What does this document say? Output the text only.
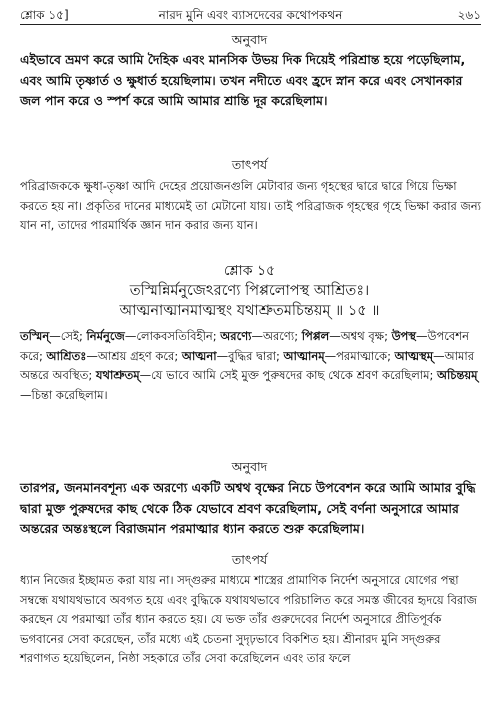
শ্লোক ১৫]	নারদ মুনি এবং ব্যাসদেবের কথোপকথন	২৬১
অনুবাদ
এইভাবে ভ্রমণ করে আমি দৈহিক এবং মানসিক উভয় দিক দিয়েই পরিশ্রান্ত হয়ে পড়েছিলাম, এবং আমি তৃষ্ণার্ত ও ক্ষুধার্ত হয়েছিলাম। তখন নদীতে এবং হ্রদে স্নান করে এবং সেখানকার জল পান করে ও স্পর্শ করে আমি আমার শ্রান্তি দূর করেছিলাম।
তাৎপর্য
পরিব্রাজককে ক্ষুধা-তৃষ্ণা আদি দেহের প্রয়োজনগুলি মেটাবার জন্য গৃহস্থের দ্বারে দ্বারে গিয়ে ভিক্ষা করতে হয় না। প্রকৃতির দানের মাধ্যমেই তা মেটানো যায়। তাই পরিব্রাজক গৃহস্থের গৃহে ভিক্ষা করার জন্য যান না, তাদের পারমার্থিক জ্ঞান দান করার জন্য যান।
শ্লোক ১৫
তস্মিন্নির্মনুজেঽরণ্যে পিপ্পলোপস্থ আশ্রিতঃ।
আত্মনাত্মানমাত্মস্থং যথাশ্রুতমচিন্তয়ম্ ॥ ১৫ ॥
তস্মিন্—সেই; নির্মনুজে—লোকবসতিবিহীন; অরণ্যে—অরণ্যে; পিপ্পল—অশ্বথ বৃক্ষ; উপস্থ—উপবেশন করে; আশ্রিতঃ—আশ্রয় গ্রহণ করে; আত্মনা—বুদ্ধির দ্বারা; আত্মানম্—পরমাত্মাকে; আত্মস্থম্—আমার অন্তরে অবস্থিত; যথাশ্রুতম্—যে ভাবে আমি সেই মুক্ত পুরুষদের কাছ থেকে শ্রবণ করেছিলাম; অচিন্তয়ম্—চিন্তা করেছিলাম।
অনুবাদ
তারপর, জনমানবশূন্য এক অরণ্যে একটি অশ্বথ বৃক্ষের নিচে উপবেশন করে আমি আমার বুদ্ধি দ্বারা মুক্ত পুরুষদের কাছ থেকে ঠিক যেভাবে শ্রবণ করেছিলাম, সেই বর্ণনা অনুসারে আমার অন্তরের অন্তঃস্থলে বিরাজমান পরমাত্মার ধ্যান করতে শুরু করেছিলাম।
তাৎপর্য
ধ্যান নিজের ইচ্ছামত করা যায় না। সদ্গুরুর মাধ্যমে শাস্ত্রের প্রামাণিক নির্দেশ অনুসারে যোগের পন্থা সম্বন্ধে যথাযথভাবে অবগত হয়ে এবং বুদ্ধিকে যথাযথভাবে পরিচালিত করে সমস্ত জীবের হৃদয়ে বিরাজ করছেন যে পরমাত্মা তাঁর ধ্যান করতে হয়। যে ভক্ত তাঁর গুরুদেবের নির্দেশ অনুসারে প্রীতিপূর্বক ভগবানের সেবা করেছেন, তাঁর মধ্যে এই চেতনা সুদৃঢ়ভাবে বিকশিত হয়। শ্রীনারদ মুনি সদ্গুরুর শরণাগত হয়েছিলেন, নিষ্ঠা সহকারে তাঁর সেবা করেছিলেন এবং তার ফলে
